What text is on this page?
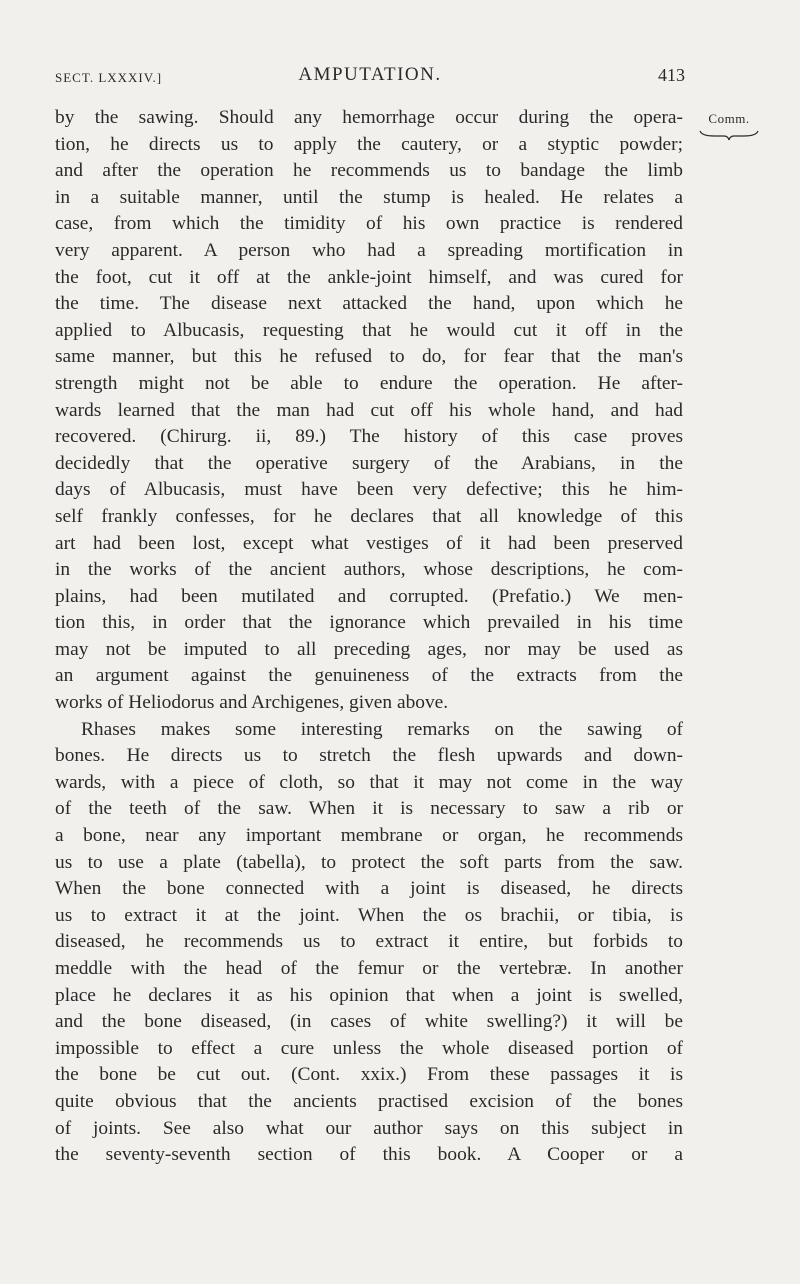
SECT. LXXXIV.]	AMPUTATION.	413
Comm.
by the sawing. Should any hemorrhage occur during the opera-
tion, he directs us to apply the cautery, or a styptic powder;
and after the operation he recommends us to bandage the limb
in a suitable manner, until the stump is healed. He relates a
case, from which the timidity of his own practice is rendered
very apparent. A person who had a spreading mortification in
the foot, cut it off at the ankle-joint himself, and was cured for
the time. The disease next attacked the hand, upon which he
applied to Albucasis, requesting that he would cut it off in the
same manner, but this he refused to do, for fear that the man's
strength might not be able to endure the operation. He after-
wards learned that the man had cut off his whole hand, and had
recovered. (Chirurg. ii, 89.) The history of this case proves
decidedly that the operative surgery of the Arabians, in the
days of Albucasis, must have been very defective; this he him-
self frankly confesses, for he declares that all knowledge of this
art had been lost, except what vestiges of it had been preserved
in the works of the ancient authors, whose descriptions, he com-
plains, had been mutilated and corrupted. (Prefatio.) We men-
tion this, in order that the ignorance which prevailed in his time
may not be imputed to all preceding ages, nor may be used as
an argument against the genuineness of the extracts from the
works of Heliodorus and Archigenes, given above.
Rhases makes some interesting remarks on the sawing of
bones. He directs us to stretch the flesh upwards and down-
wards, with a piece of cloth, so that it may not come in the way
of the teeth of the saw. When it is necessary to saw a rib or
a bone, near any important membrane or organ, he recommends
us to use a plate (tabella), to protect the soft parts from the saw.
When the bone connected with a joint is diseased, he directs
us to extract it at the joint. When the os brachii, or tibia, is
diseased, he recommends us to extract it entire, but forbids to
meddle with the head of the femur or the vertebræ. In another
place he declares it as his opinion that when a joint is swelled,
and the bone diseased, (in cases of white swelling?) it will be
impossible to effect a cure unless the whole diseased portion of
the bone be cut out. (Cont. xxix.) From these passages it is
quite obvious that the ancients practised excision of the bones
of joints. See also what our author says on this subject in
the seventy-seventh section of this book. A Cooper or a
